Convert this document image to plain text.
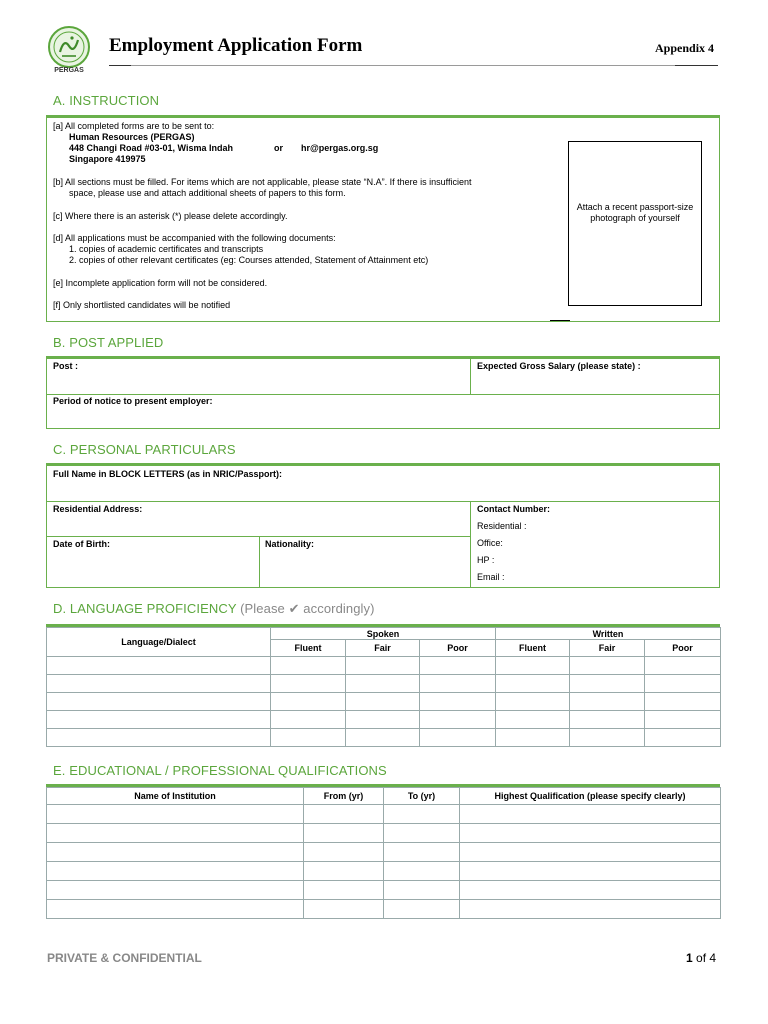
PERGAS
Employment Application Form	Appendix 4
A. INSTRUCTION
[a] All completed forms are to be sent to:
Human Resources (PERGAS)
448 Changi Road #03-01, Wisma Indah	or hr@pergas.org.sg
Singapore 419975
[b] All sections must be filled. For items which are not applicable, please state “N.A”. If there is insufficient
space, please use and attach additional sheets of papers to this form.
[c] Where there is an asterisk (*) please delete accordingly.
[d] All applications must be accompanied with the following documents:
1. copies of academic certificates and transcripts
2. copies of other relevant certificates (eg: Courses attended, Statement of Attainment etc)
[e] Incomplete application form will not be considered.
[f] Only shortlisted candidates will be notified
Attach a recent passport-size photograph of yourself
B. POST APPLIED
Post :	Expected Gross Salary (please state) :
Period of notice to present employer:
C. PERSONAL PARTICULARS
Full Name in BLOCK LETTERS (as in NRIC/Passport):
Residential Address:	Contact Number:
Residential :
Office:
HP :
Email :
Date of Birth:	Nationality:
D. LANGUAGE PROFICIENCY (Please ✔ accordingly)
Language/Dialect	Spoken			Written		
	Fluent	Fair	Poor	Fluent	Fair	Poor

E. EDUCATIONAL / PROFESSIONAL QUALIFICATIONS
Name of Institution	From (yr)	To (yr)	Highest Qualification (please specify clearly)

PRIVATE & CONFIDENTIAL	1 of 4
